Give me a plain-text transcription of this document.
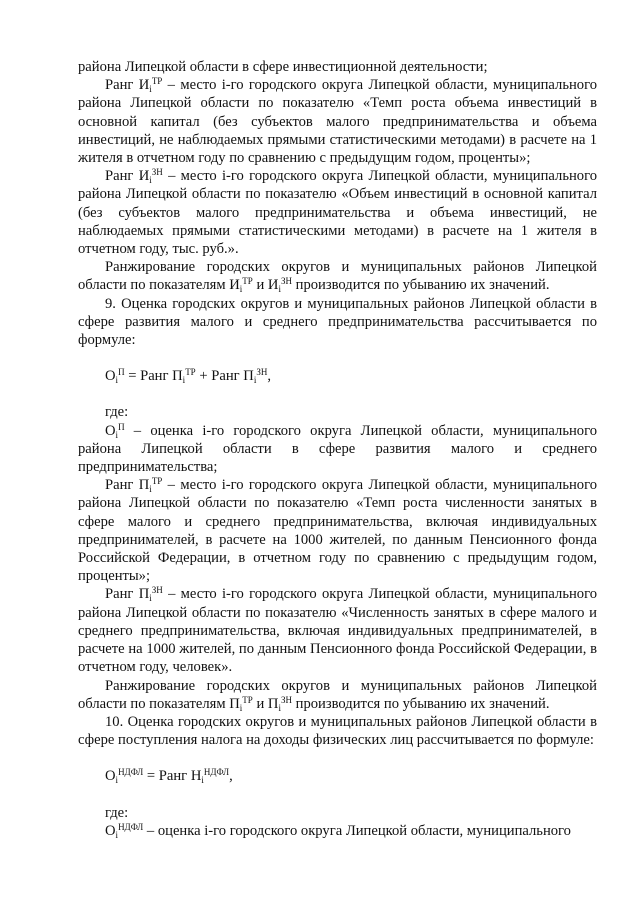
района Липецкой области в сфере инвестиционной деятельности;

Ранг $И_i^{ТР}$ – место i-го городского округа Липецкой области, муниципального района Липецкой области по показателю «Темп роста объема инвестиций в основной капитал (без субъектов малого предпринимательства и объема инвестиций, не наблюдаемых прямыми статистическими методами) в расчете на 1 жителя в отчетном году по сравнению с предыдущим годом, проценты»;

Ранг $И_i^{ЗН}$ – место i-го городского округа Липецкой области, муниципального района Липецкой области по показателю «Объем инвестиций в основной капитал (без субъектов малого предпринимательства и объема инвестиций, не наблюдаемых прямыми статистическими методами) в расчете на 1 жителя в отчетном году, тыс. руб.».

Ранжирование городских округов и муниципальных районов Липецкой области по показателям $И_i^{ТР}$ и $И_i^{ЗН}$ производится по убыванию их значений.

9. Оценка городских округов и муниципальных районов Липецкой области в сфере развития малого и среднего предпринимательства рассчитывается по формуле:

$О_i^П$ = Ранг $П_i^{ТР}$ + Ранг $П_i^{ЗН}$,

где:

$О_i^П$ – оценка i-го городского округа Липецкой области, муниципального района Липецкой области в сфере развития малого и среднего предпринимательства;

Ранг $П_i^{ТР}$ – место i-го городского округа Липецкой области, муниципального района Липецкой области по показателю «Темп роста численности занятых в сфере малого и среднего предпринимательства, включая индивидуальных предпринимателей, в расчете на 1000 жителей, по данным Пенсионного фонда Российской Федерации, в отчетном году по сравнению с предыдущим годом, проценты»;

Ранг $П_i^{ЗН}$ – место i-го городского округа Липецкой области, муниципального района Липецкой области по показателю «Численность занятых в сфере малого и среднего предпринимательства, включая индивидуальных предпринимателей, в расчете на 1000 жителей, по данным Пенсионного фонда Российской Федерации, в отчетном году, человек».

Ранжирование городских округов и муниципальных районов Липецкой области по показателям $П_i^{ТР}$ и $П_i^{ЗН}$ производится по убыванию их значений.

10. Оценка городских округов и муниципальных районов Липецкой области в сфере поступления налога на доходы физических лиц рассчитывается по формуле:

$О_i^{НДФЛ}$ = Ранг $Н_i^{НДФЛ}$,

где:

$О_i^{НДФЛ}$ – оценка i-го городского округа Липецкой области, муниципального
